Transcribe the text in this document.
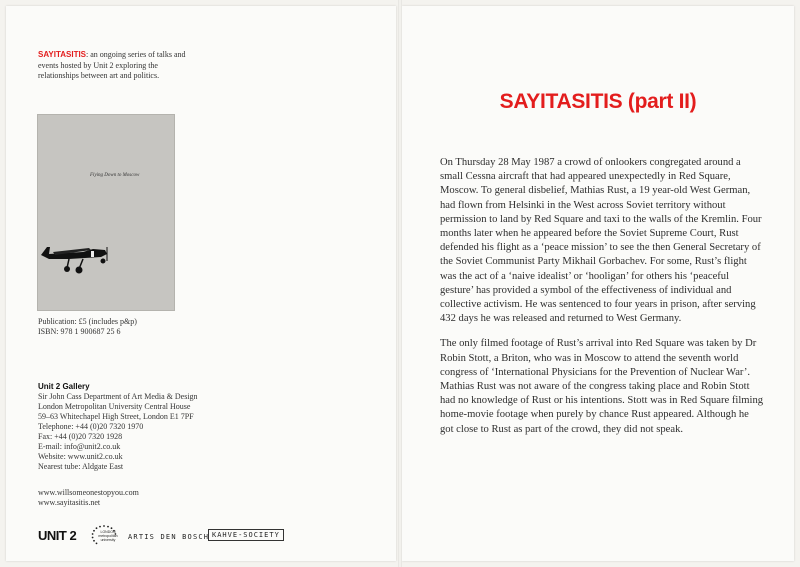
SAYITASITIS: an ongoing series of talks and events hosted by Unit 2 exploring the relationships between art and politics.
Flying Down to Moscow
Publication: £5 (includes p&p)
ISBN: 978 1 900687 25 6
Unit 2 Gallery
Sir John Cass Department of Art Media & Design
London Metropolitan University Central House
59–63 Whitechapel High Street, London E1 7PF
Telephone: +44 (0)20 7320 1970
Fax: +44 (0)20 7320 1928
E-mail: info@unit2.co.uk
Website: www.unit2.co.uk
Nearest tube: Aldgate East
www.willsomeonestopyou.com
www.sayitasitis.net
UNIT 2	LONDON
metropolitan
university	ARTIS DEN BOSCH KAHVE-SOCIETY
SAYITASITIS (part II)

On Thursday 28 May 1987 a crowd of onlookers congregated around a small Cessna aircraft that had appeared unexpectedly in Red Square, Moscow. To general disbelief, Mathias Rust, a 19 year-old West German, had flown from Helsinki in the West across Soviet territory without permission to land by Red Square and taxi to the walls of the Kremlin. Four months later when he appeared before the Soviet Supreme Court, Rust defended his flight as a ‘peace mission’ to see the then General Secretary of the Soviet Communist Party Mikhail Gorbachev. For some, Rust’s flight was the act of a ‘naive idealist’ or ‘hooligan’ for others his ‘peaceful gesture’ has provided a symbol of the effectiveness of individual and collective activism. He was sentenced to four years in prison, after serving 432 days he was released and returned to West Germany.

The only filmed footage of Rust’s arrival into Red Square was taken by Dr Robin Stott, a Briton, who was in Moscow to attend the seventh world congress of ‘International Physicians for the Prevention of Nuclear War’. Mathias Rust was not aware of the congress taking place and Robin Stott had no knowledge of Rust or his intentions. Stott was in Red Square filming home-movie footage when purely by chance Rust appeared. Although he got close to Rust as part of the crowd, they did not speak.
